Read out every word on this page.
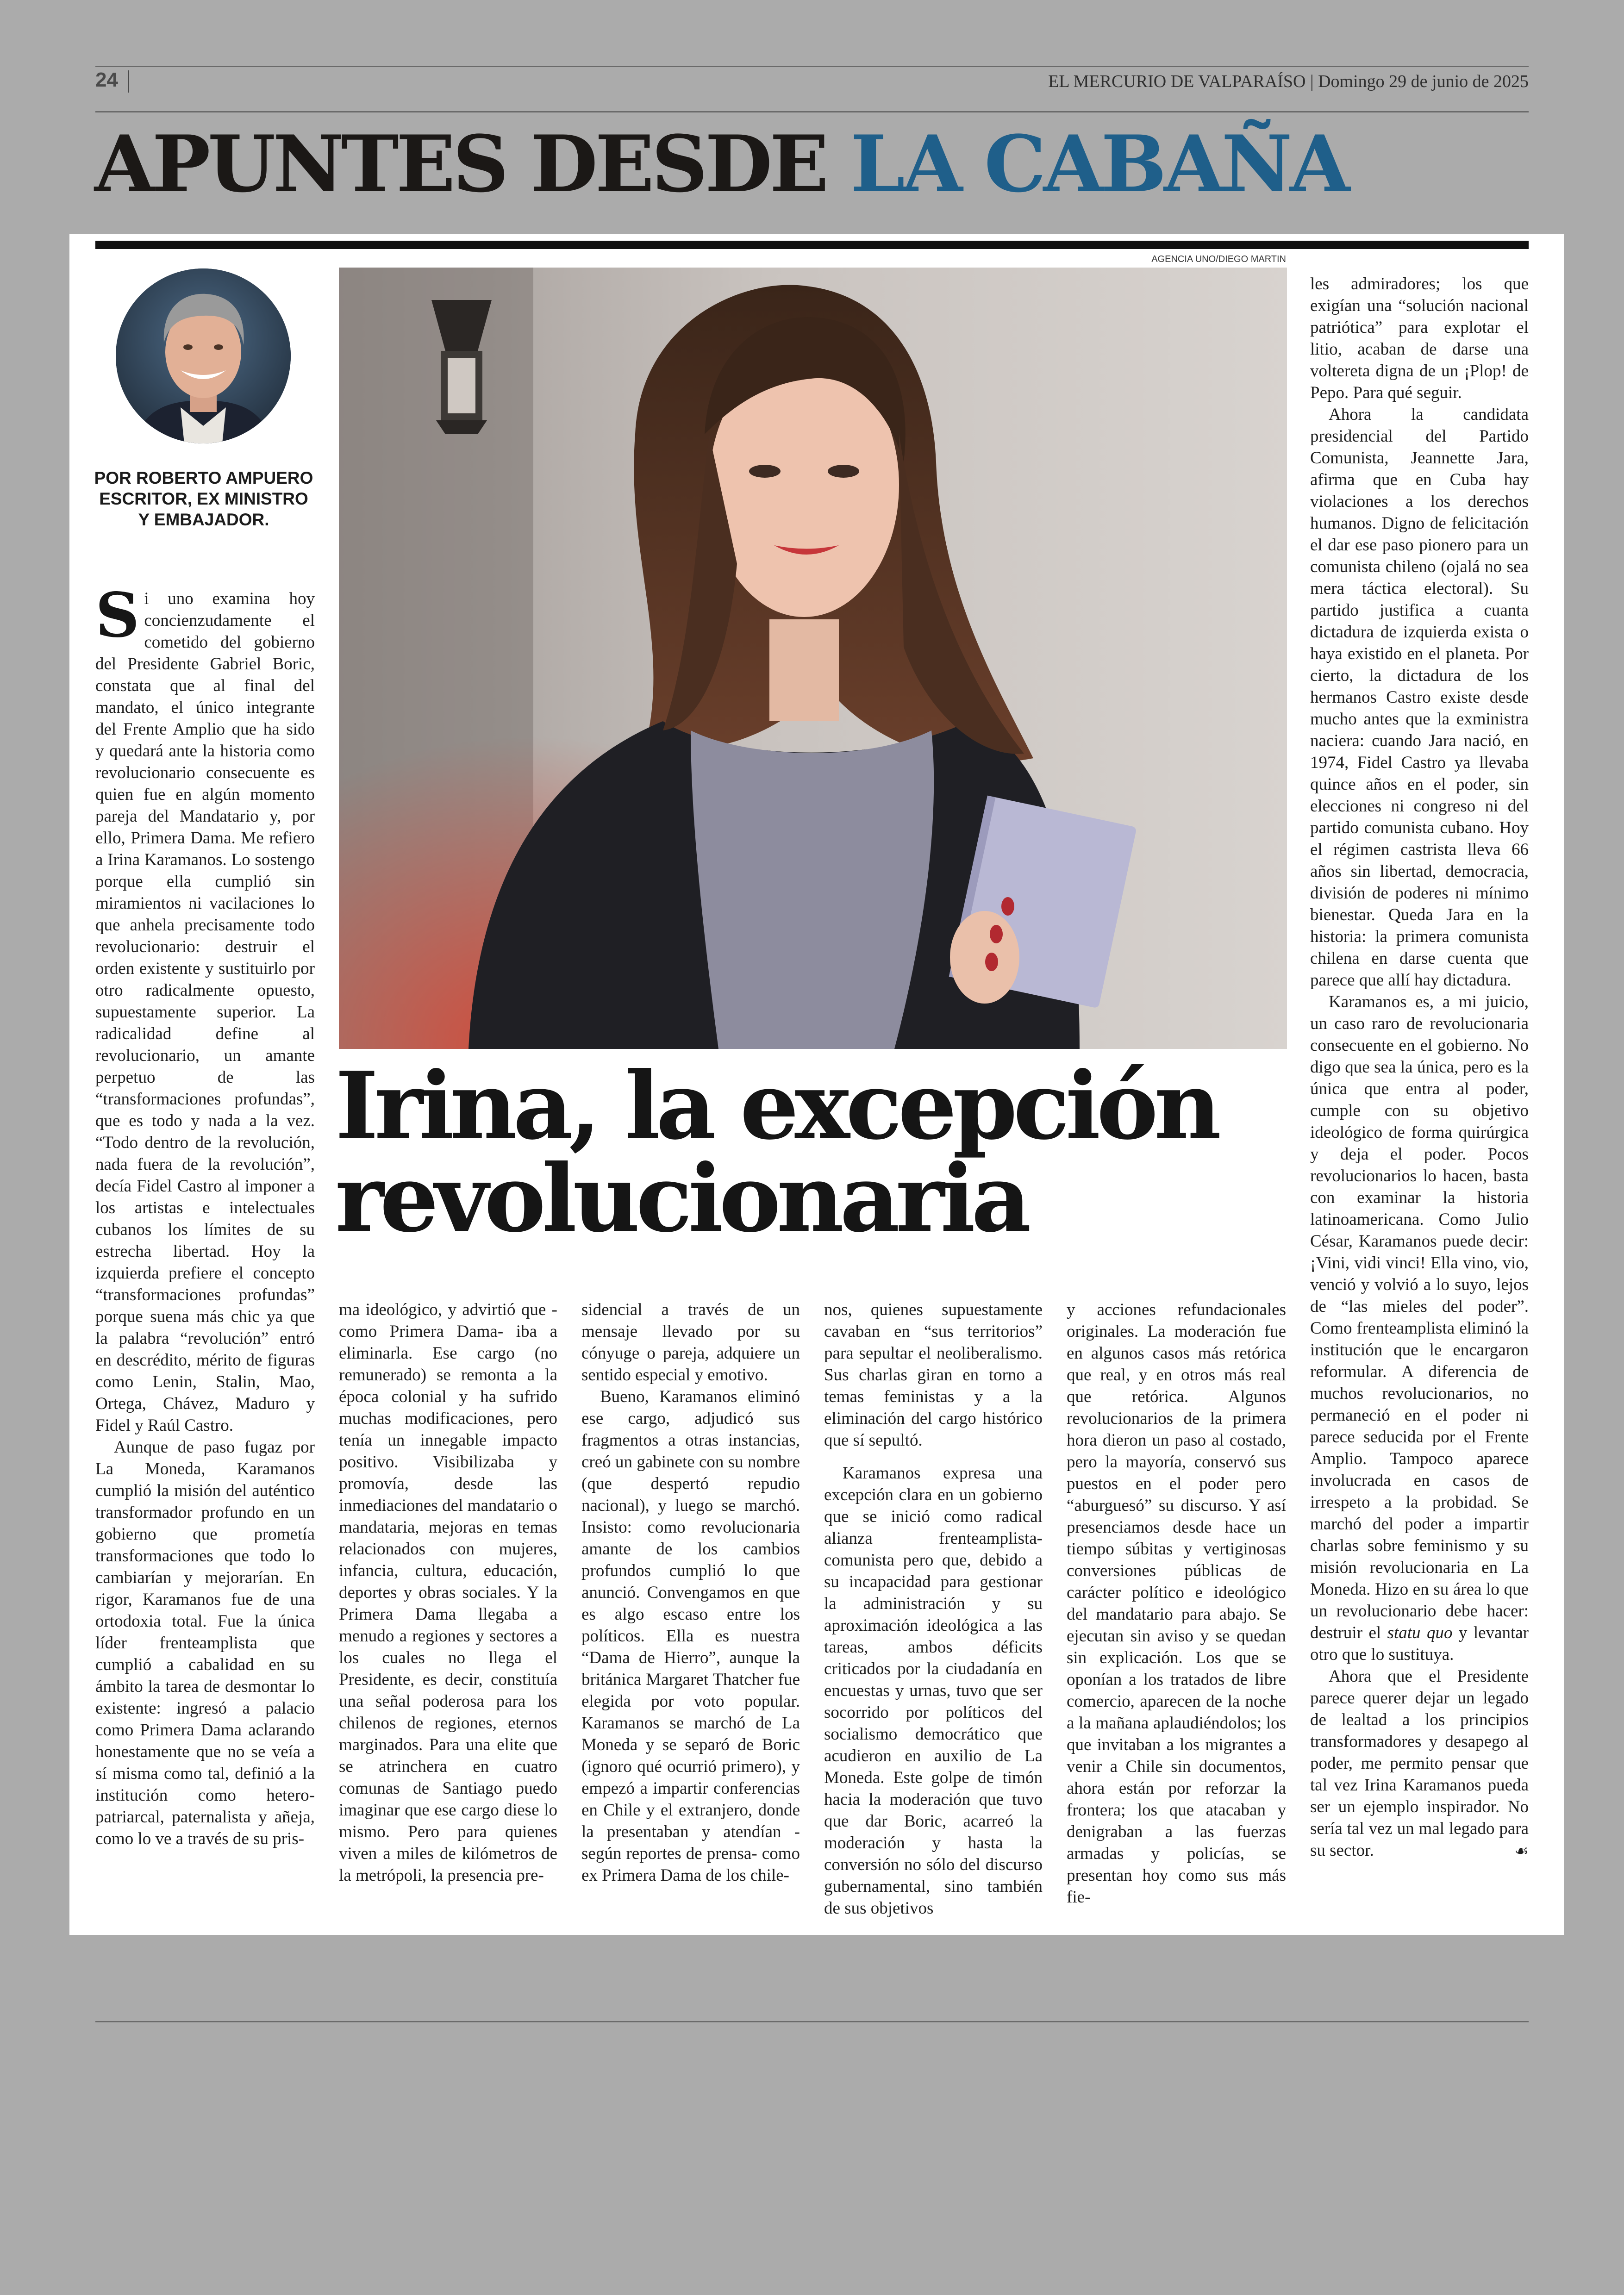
24	EL MERCURIO DE VALPARAÍSO | Domingo 29 de junio de 2025
APUNTES DESDE LA CABAÑA
POR ROBERTO AMPUERO
ESCRITOR, EX MINISTRO
Y EMBAJADOR.
AGENCIA UNO/DIEGO MARTIN
Irina, la excepción
revolucionaria

Si uno examina hoy concienzudamente el cometido del gobierno del Presidente Gabriel Boric, constata que al final del mandato, el único integrante del Frente Amplio que ha sido y quedará ante la historia como revolucionario consecuente es quien fue en algún momento pareja del Mandatario y, por ello, Primera Dama. Me refiero a Irina Karamanos. Lo sostengo porque ella cumplió sin miramientos ni vacilaciones lo que anhela precisamente todo revolucionario: destruir el orden existente y sustituirlo por otro radicalmente opuesto, supuestamente superior. La radicalidad define al revolucionario, un amante perpetuo de las “transformaciones profundas”, que es todo y nada a la vez. “Todo dentro de la revolución, nada fuera de la revolución”, decía Fidel Castro al imponer a los artistas e intelectuales cubanos los límites de su estrecha libertad. Hoy la izquierda prefiere el concepto “transformaciones profundas” porque suena más chic ya que la palabra “revolución” entró en descrédito, mérito de figuras como Lenin, Stalin, Mao, Ortega, Chávez, Maduro y Fidel y Raúl Castro.

Aunque de paso fugaz por La Moneda, Karamanos cumplió la misión del auténtico transformador profundo en un gobierno que prometía transformaciones que todo lo cambiarían y mejorarían. En rigor, Karamanos fue de una ortodoxia total. Fue la única líder frenteamplista que cumplió a cabalidad en su ámbito la tarea de desmontar lo existente: ingresó a palacio como Primera Dama aclarando honestamente que no se veía a sí misma como tal, definió a la institución como hetero-patriarcal, paternalista y añeja, como lo ve a través de su pris-

ma ideológico, y advirtió que -como Primera Dama- iba a eliminarla. Ese cargo (no remunerado) se remonta a la época colonial y ha sufrido muchas modificaciones, pero tenía un innegable impacto positivo. Visibilizaba y promovía, desde las inmediaciones del mandatario o mandataria, mejoras en temas relacionados con mujeres, infancia, cultura, educación, deportes y obras sociales. Y la Primera Dama llegaba a menudo a regiones y sectores a los cuales no llega el Presidente, es decir, constituía una señal poderosa para los chilenos de regiones, eternos marginados. Para una elite que se atrinchera en cuatro comunas de Santiago puedo imaginar que ese cargo diese lo mismo. Pero para quienes viven a miles de kilómetros de la metrópoli, la presencia pre-

sidencial a través de un mensaje llevado por su cónyuge o pareja, adquiere un sentido especial y emotivo.

Bueno, Karamanos eliminó ese cargo, adjudicó sus fragmentos a otras instancias, creó un gabinete con su nombre (que despertó repudio nacional), y luego se marchó. Insisto: como revolucionaria amante de los cambios profundos cumplió lo que anunció. Convengamos en que es algo escaso entre los políticos. Ella es nuestra “Dama de Hierro”, aunque la británica Margaret Thatcher fue elegida por voto popular. Karamanos se marchó de La Moneda y se separó de Boric (ignoro qué ocurrió primero), y empezó a impartir conferencias en Chile y el extranjero, donde la presentaban y atendían -según reportes de prensa- como ex Primera Dama de los chile-

nos, quienes supuestamente cavaban en “sus territorios” para sepultar el neoliberalismo. Sus charlas giran en torno a temas feministas y a la eliminación del cargo histórico que sí sepultó.

Karamanos expresa una excepción clara en un gobierno que se inició como radical alianza frenteamplista-comunista pero que, debido a su incapacidad para gestionar la administración y su aproximación ideológica a las tareas, ambos déficits criticados por la ciudadanía en encuestas y urnas, tuvo que ser socorrido por políticos del socialismo democrático que acudieron en auxilio de La Moneda. Este golpe de timón hacia la moderación que tuvo que dar Boric, acarreó la moderación y hasta la conversión no sólo del discurso gubernamental, sino también de sus objetivos

y acciones refundacionales originales. La moderación fue en algunos casos más retórica que real, y en otros más real que retórica. Algunos revolucionarios de la primera hora dieron un paso al costado, pero la mayoría, conservó sus puestos en el poder pero “aburguesó” su discurso. Y así presenciamos desde hace un tiempo súbitas y vertiginosas conversiones públicas de carácter político e ideológico del mandatario para abajo. Se ejecutan sin aviso y se quedan sin explicación. Los que se oponían a los tratados de libre comercio, aparecen de la noche a la mañana aplaudiéndolos; los que invitaban a los migrantes a venir a Chile sin documentos, ahora están por reforzar la frontera; los que atacaban y denigraban a las fuerzas armadas y policías, se presentan hoy como sus más fie-

les admiradores; los que exigían una “solución nacional patriótica” para explotar el litio, acaban de darse una voltereta digna de un ¡Plop! de Pepo. Para qué seguir.

Ahora la candidata presidencial del Partido Comunista, Jeannette Jara, afirma que en Cuba hay violaciones a los derechos humanos. Digno de felicitación el dar ese paso pionero para un comunista chileno (ojalá no sea mera táctica electoral). Su partido justifica a cuanta dictadura de izquierda exista o haya existido en el planeta. Por cierto, la dictadura de los hermanos Castro existe desde mucho antes que la exministra naciera: cuando Jara nació, en 1974, Fidel Castro ya llevaba quince años en el poder, sin elecciones ni congreso ni del partido comunista cubano. Hoy el régimen castrista lleva 66 años sin libertad, democracia, división de poderes ni mínimo bienestar. Queda Jara en la historia: la primera comunista chilena en darse cuenta que parece que allí hay dictadura.

Karamanos es, a mi juicio, un caso raro de revolucionaria consecuente en el gobierno. No digo que sea la única, pero es la única que entra al poder, cumple con su objetivo ideológico de forma quirúrgica y deja el poder. Pocos revolucionarios lo hacen, basta con examinar la historia latinoamericana. Como Julio César, Karamanos puede decir: ¡Vini, vidi vinci! Ella vino, vio, venció y volvió a lo suyo, lejos de “las mieles del poder”. Como frenteamplista eliminó la institución que le encargaron reformular. A diferencia de muchos revolucionarios, no permaneció en el poder ni parece seducida por el Frente Amplio. Tampoco aparece involucrada en casos de irrespeto a la probidad. Se marchó del poder a impartir charlas sobre feminismo y su misión revolucionaria en La Moneda. Hizo en su área lo que un revolucionario debe hacer: destruir el statu quo y levantar otro que lo sustituya.

Ahora que el Presidente parece querer dejar un legado de lealtad a los principios transformadores y desapego al poder, me permito pensar que tal vez Irina Karamanos pueda ser un ejemplo inspirador. No sería tal vez un mal legado para su sector.	☙
